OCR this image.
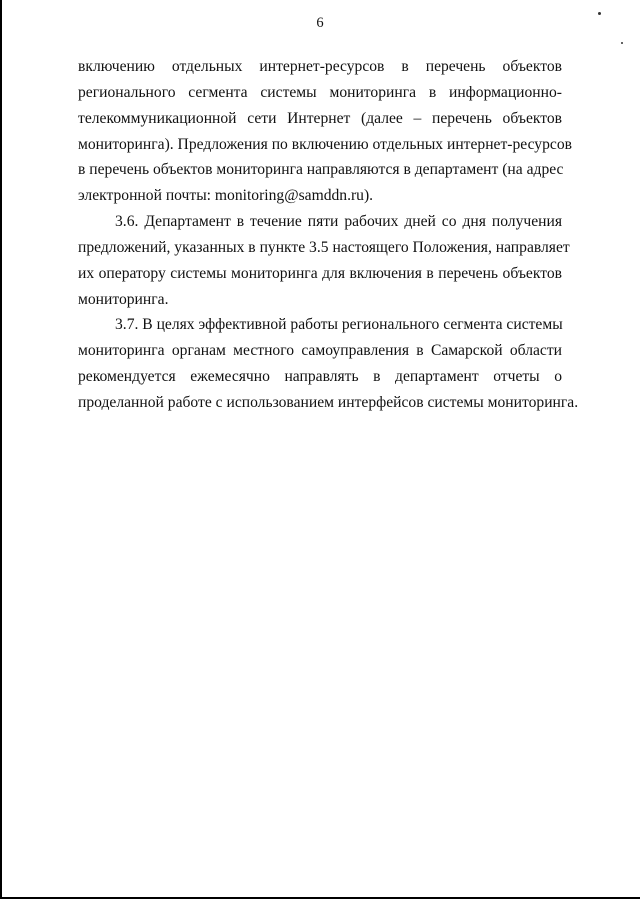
6

включению отдельных интернет-ресурсов в перечень объектов
регионального сегмента системы мониторинга в информационно-
телекоммуникационной сети Интернет (далее – перечень объектов
мониторинга). Предложения по включению отдельных интернет-ресурсов
в перечень объектов мониторинга направляются в департамент (на адрес
электронной почты: monitoring@samddn.ru).

3.6. Департамент в течение пяти рабочих дней со дня получения
предложений, указанных в пункте 3.5 настоящего Положения, направляет
их оператору системы мониторинга для включения в перечень объектов
мониторинга.

3.7. В целях эффективной работы регионального сегмента системы
мониторинга органам местного самоуправления в Самарской области
рекомендуется ежемесячно направлять в департамент отчеты о
проделанной работе с использованием интерфейсов системы мониторинга.
